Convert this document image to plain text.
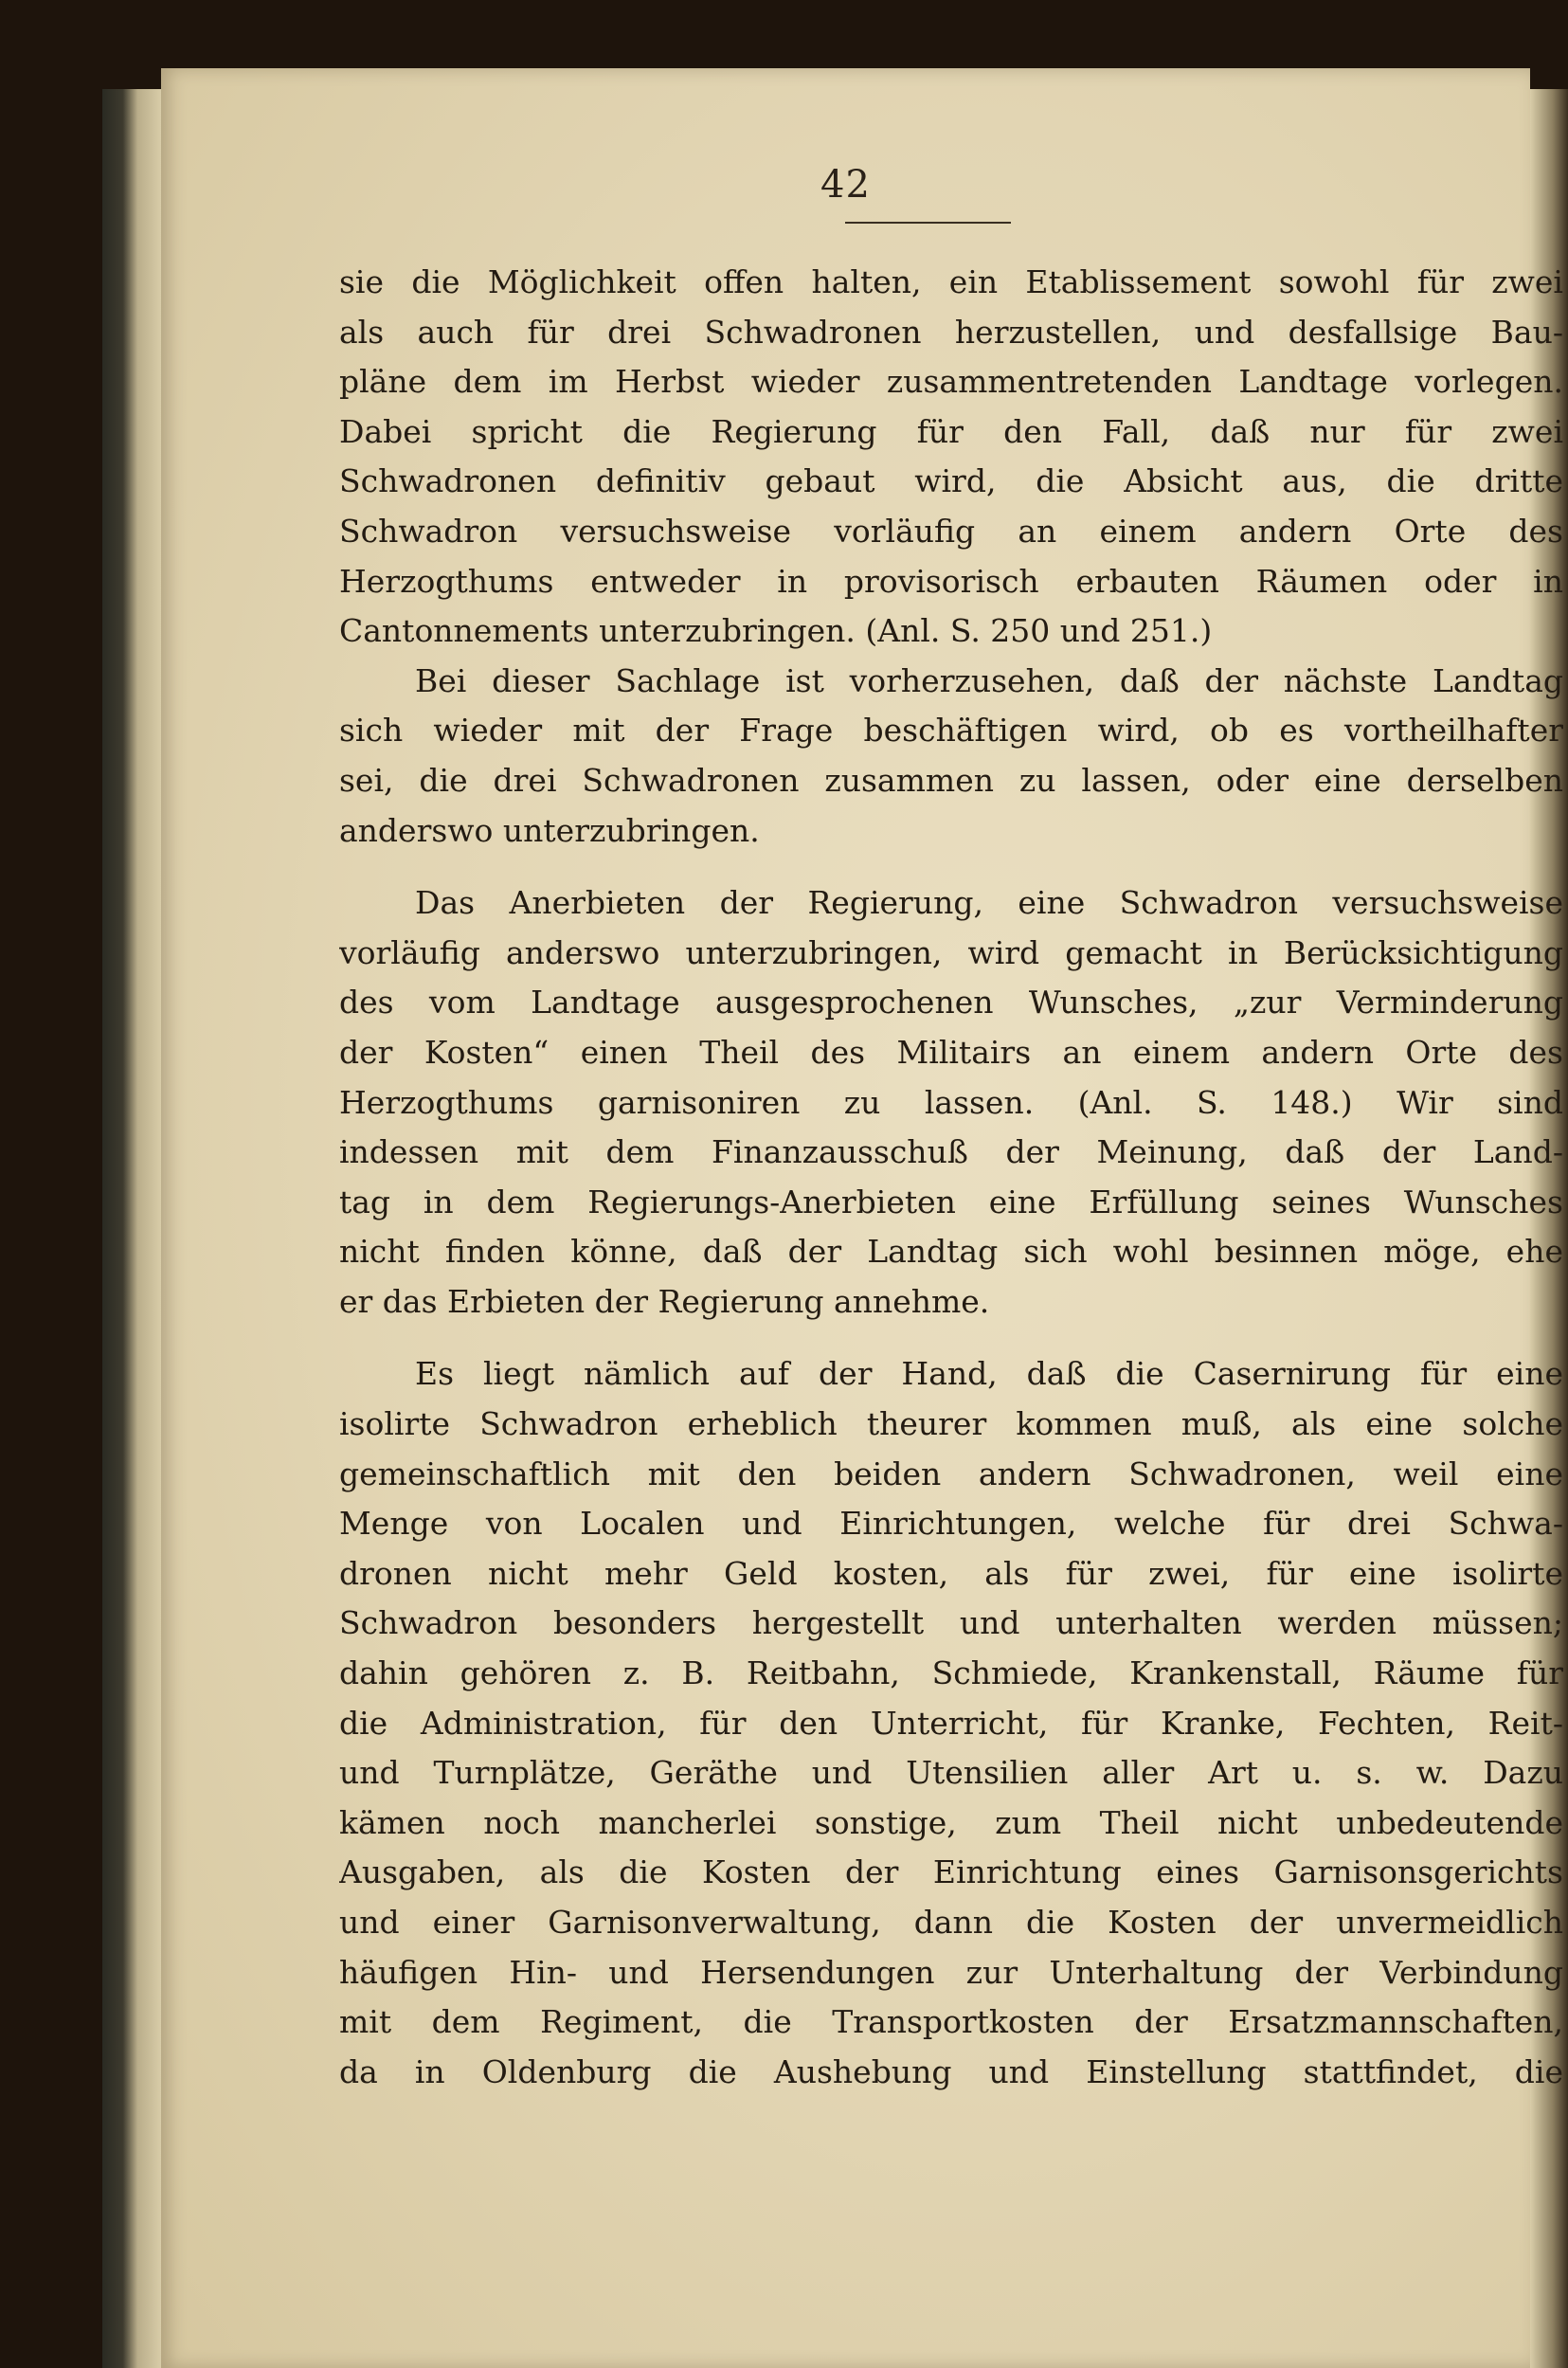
42
sie die Möglichkeit offen halten, ein Etablissement sowohl für zwei
als auch für drei Schwadronen herzustellen, und desfallsige Bau-
pläne dem im Herbst wieder zusammentretenden Landtage vorlegen.
Dabei spricht die Regierung für den Fall, daß nur für zwei
Schwadronen definitiv gebaut wird, die Absicht aus, die dritte
Schwadron versuchsweise vorläufig an einem andern Orte des
Herzogthums entweder in provisorisch erbauten Räumen oder in
Cantonnements unterzubringen. (Anl. S. 250 und 251.)
Bei dieser Sachlage ist vorherzusehen, daß der nächste Landtag
sich wieder mit der Frage beschäftigen wird, ob es vortheilhafter
sei, die drei Schwadronen zusammen zu lassen, oder eine derselben
anderswo unterzubringen.
Das Anerbieten der Regierung, eine Schwadron versuchsweise
vorläufig anderswo unterzubringen, wird gemacht in Berücksichtigung
des vom Landtage ausgesprochenen Wunsches, „zur Verminderung
der Kosten“ einen Theil des Militairs an einem andern Orte des
Herzogthums garnisoniren zu lassen. (Anl. S. 148.) Wir sind
indessen mit dem Finanzausschuß der Meinung, daß der Land-
tag in dem Regierungs-Anerbieten eine Erfüllung seines Wunsches
nicht finden könne, daß der Landtag sich wohl besinnen möge, ehe
er das Erbieten der Regierung annehme.
Es liegt nämlich auf der Hand, daß die Casernirung für eine
isolirte Schwadron erheblich theurer kommen muß, als eine solche
gemeinschaftlich mit den beiden andern Schwadronen, weil eine
Menge von Localen und Einrichtungen, welche für drei Schwa-
dronen nicht mehr Geld kosten, als für zwei, für eine isolirte
Schwadron besonders hergestellt und unterhalten werden müssen;
dahin gehören z. B. Reitbahn, Schmiede, Krankenstall, Räume für
die Administration, für den Unterricht, für Kranke, Fechten, Reit-
und Turnplätze, Geräthe und Utensilien aller Art u. s. w. Dazu
kämen noch mancherlei sonstige, zum Theil nicht unbedeutende
Ausgaben, als die Kosten der Einrichtung eines Garnisonsgerichts
und einer Garnisonverwaltung, dann die Kosten der unvermeidlich
häufigen Hin- und Hersendungen zur Unterhaltung der Verbindung
mit dem Regiment, die Transportkosten der Ersatzmannschaften,
da in Oldenburg die Aushebung und Einstellung stattfindet, die
